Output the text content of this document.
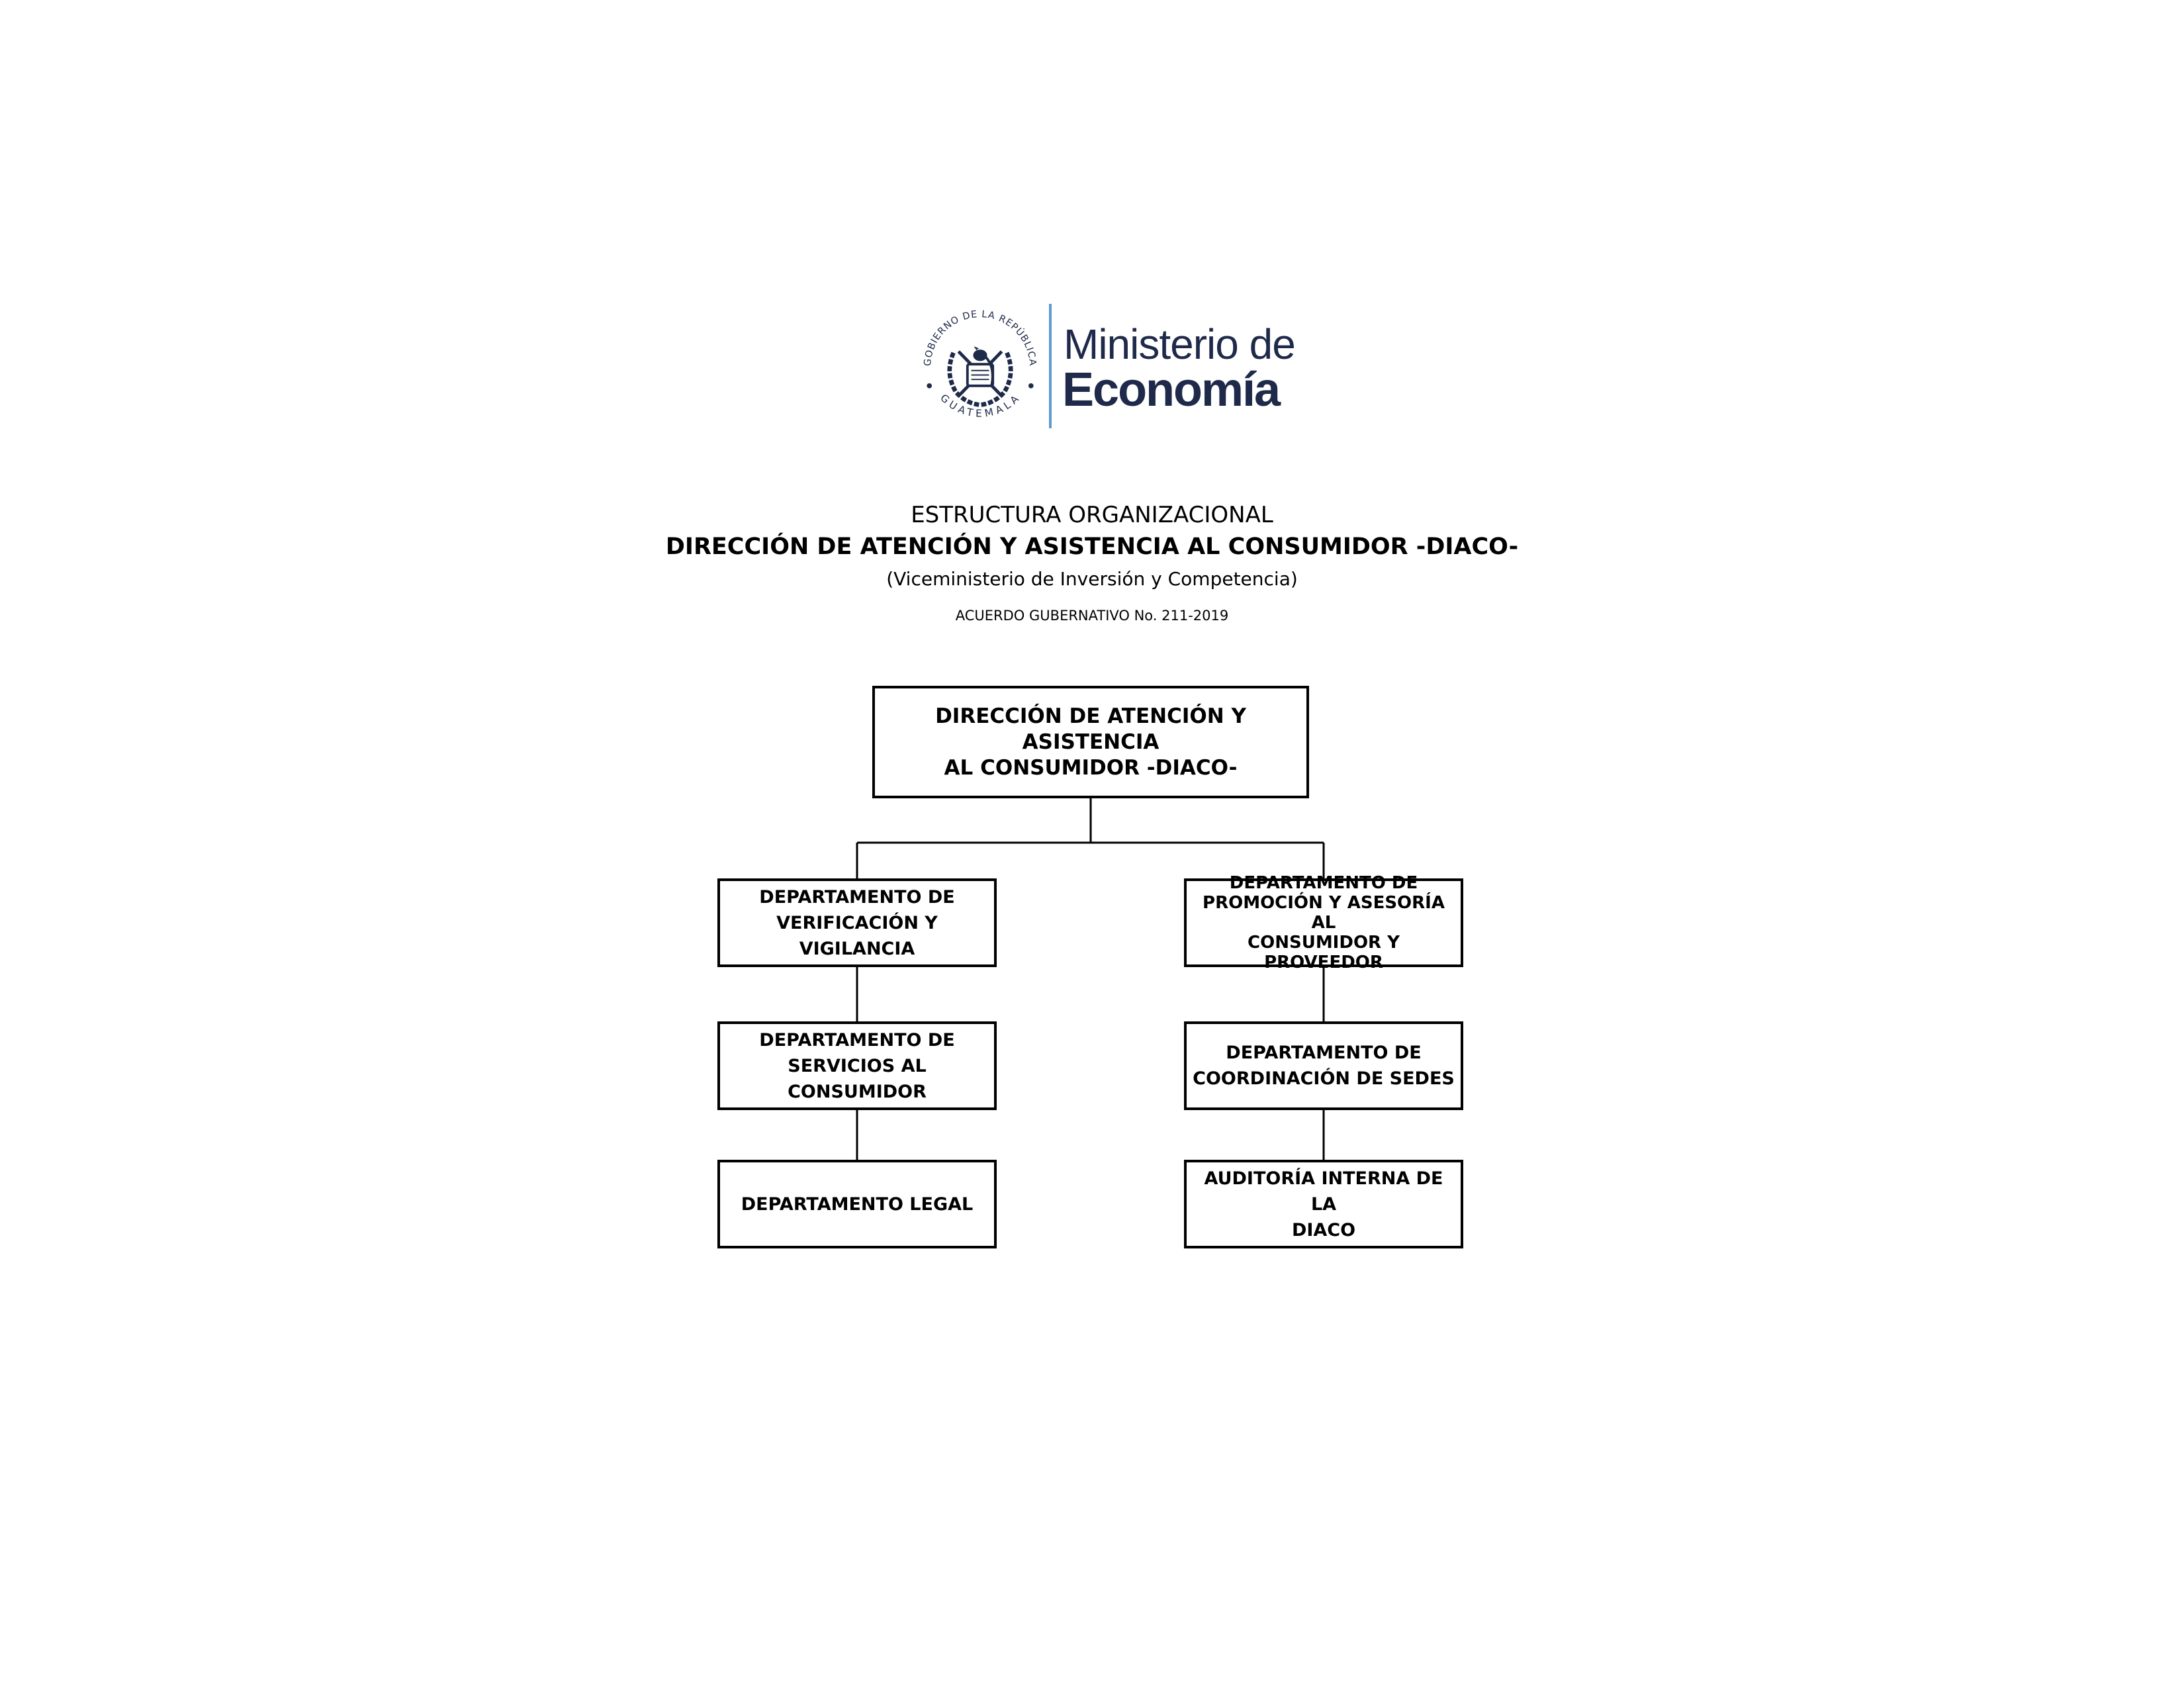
GOBIERNO DE LA REPÚBLICA
GUATEMALA
Ministerio de
Economía
ESTRUCTURA ORGANIZACIONAL
DIRECCIÓN DE ATENCIÓN Y ASISTENCIA AL CONSUMIDOR -DIACO-
(Viceministerio de Inversión y Competencia)
ACUERDO GUBERNATIVO No. 211-2019
DIRECCIÓN DE ATENCIÓN Y ASISTENCIA
AL CONSUMIDOR -DIACO-
DEPARTAMENTO DE
VERIFICACIÓN Y VIGILANCIA
DEPARTAMENTO DE
SERVICIOS AL CONSUMIDOR
DEPARTAMENTO LEGAL
DEPARTAMENTO DE
PROMOCIÓN Y ASESORÍA AL
CONSUMIDOR Y
PROVEEDOR
DEPARTAMENTO DE
COORDINACIÓN DE SEDES
AUDITORÍA INTERNA DE LA
DIACO
